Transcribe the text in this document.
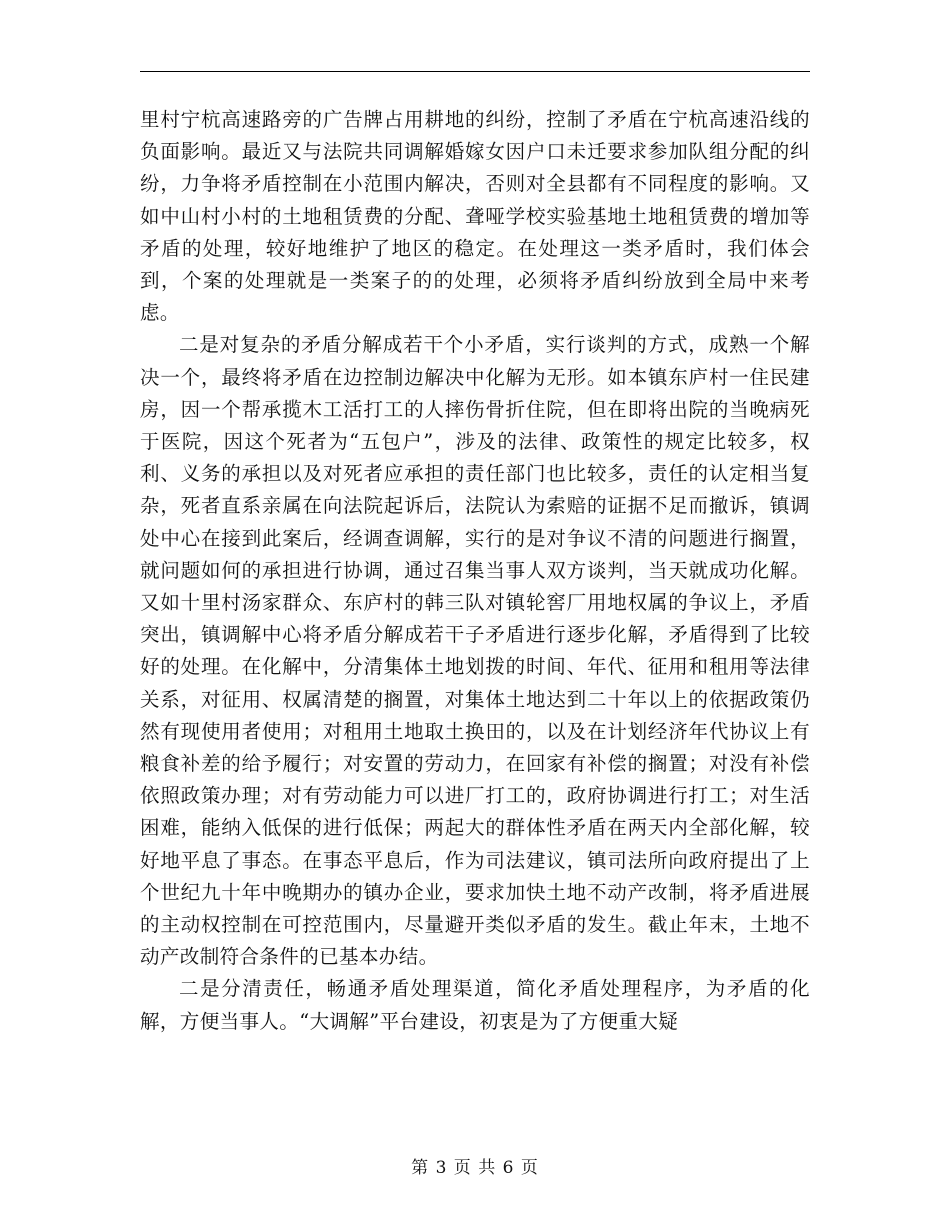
里村宁杭高速路旁的广告牌占用耕地的纠纷，控制了矛盾在宁杭高速沿线的负面影响。最近又与法院共同调解婚嫁女因户口未迁要求参加队组分配的纠纷，力争将矛盾控制在小范围内解决，否则对全县都有不同程度的影响。又如中山村小村的土地租赁费的分配、聋哑学校实验基地土地租赁费的增加等矛盾的处理，较好地维护了地区的稳定。在处理这一类矛盾时，我们体会到，个案的处理就是一类案子的的处理，必须将矛盾纠纷放到全局中来考虑。

二是对复杂的矛盾分解成若干个小矛盾，实行谈判的方式，成熟一个解决一个，最终将矛盾在边控制边解决中化解为无形。如本镇东庐村一住民建房，因一个帮承揽木工活打工的人摔伤骨折住院，但在即将出院的当晚病死于医院，因这个死者为“五包户”，涉及的法律、政策性的规定比较多，权利、义务的承担以及对死者应承担的责任部门也比较多，责任的认定相当复杂，死者直系亲属在向法院起诉后，法院认为索赔的证据不足而撤诉，镇调处中心在接到此案后，经调查调解，实行的是对争议不清的问题进行搁置，就问题如何的承担进行协调，通过召集当事人双方谈判，当天就成功化解。又如十里村汤家群众、东庐村的韩三队对镇轮窖厂用地权属的争议上，矛盾突出，镇调解中心将矛盾分解成若干子矛盾进行逐步化解，矛盾得到了比较好的处理。在化解中，分清集体土地划拨的时间、年代、征用和租用等法律关系，对征用、权属清楚的搁置，对集体土地达到二十年以上的依据政策仍然有现使用者使用；对租用土地取土换田的，以及在计划经济年代协议上有粮食补差的给予履行；对安置的劳动力，在回家有补偿的搁置；对没有补偿依照政策办理；对有劳动能力可以进厂打工的，政府协调进行打工；对生活困难，能纳入低保的进行低保；两起大的群体性矛盾在两天内全部化解，较好地平息了事态。在事态平息后，作为司法建议，镇司法所向政府提出了上个世纪九十年中晚期办的镇办企业，要求加快土地不动产改制，将矛盾进展的主动权控制在可控范围内，尽量避开类似矛盾的发生。截止年末，土地不动产改制符合条件的已基本办结。

二是分清责任，畅通矛盾处理渠道，简化矛盾处理程序，为矛盾的化解，方便当事人。“大调解”平台建设，初衷是为了方便重大疑

第 3 页 共 6 页
